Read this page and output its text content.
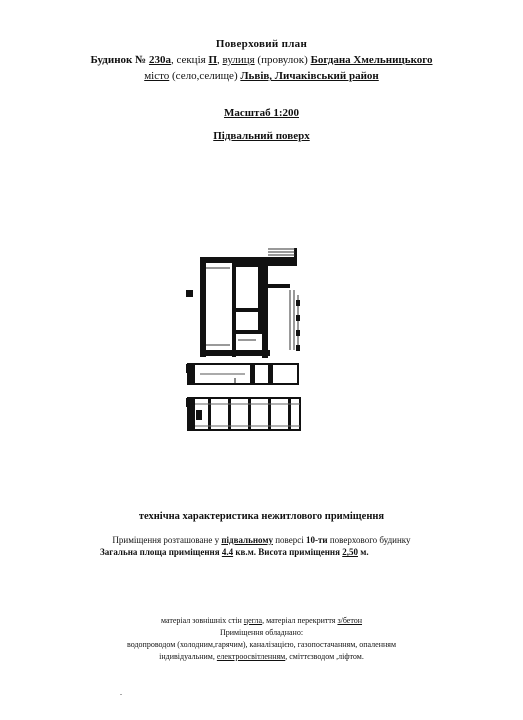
Поверховий план
Будинок № 230а, секція П, вулиця (провулок) Богдана Хмельницького
місто (село,селище) Львів, Личаківський район
Масштаб 1:200
Підвальний поверх
технічна характеристика нежитлового приміщення
Приміщення розташоване у підвальному поверсі 10-ти поверхового будинку
Загальна площа приміщення 4.4 кв.м. Висота приміщення 2,50 м.
матеріал зовнішніх стін цегла, матеріал перекриття з/бетон
Приміщення обладнано:
водопроводом (холодним,гарячим), каналізацією, газопостачанням, опаленням
індивідуальним, електроосвітленням, сміттєзводом ,ліфтом.
.
